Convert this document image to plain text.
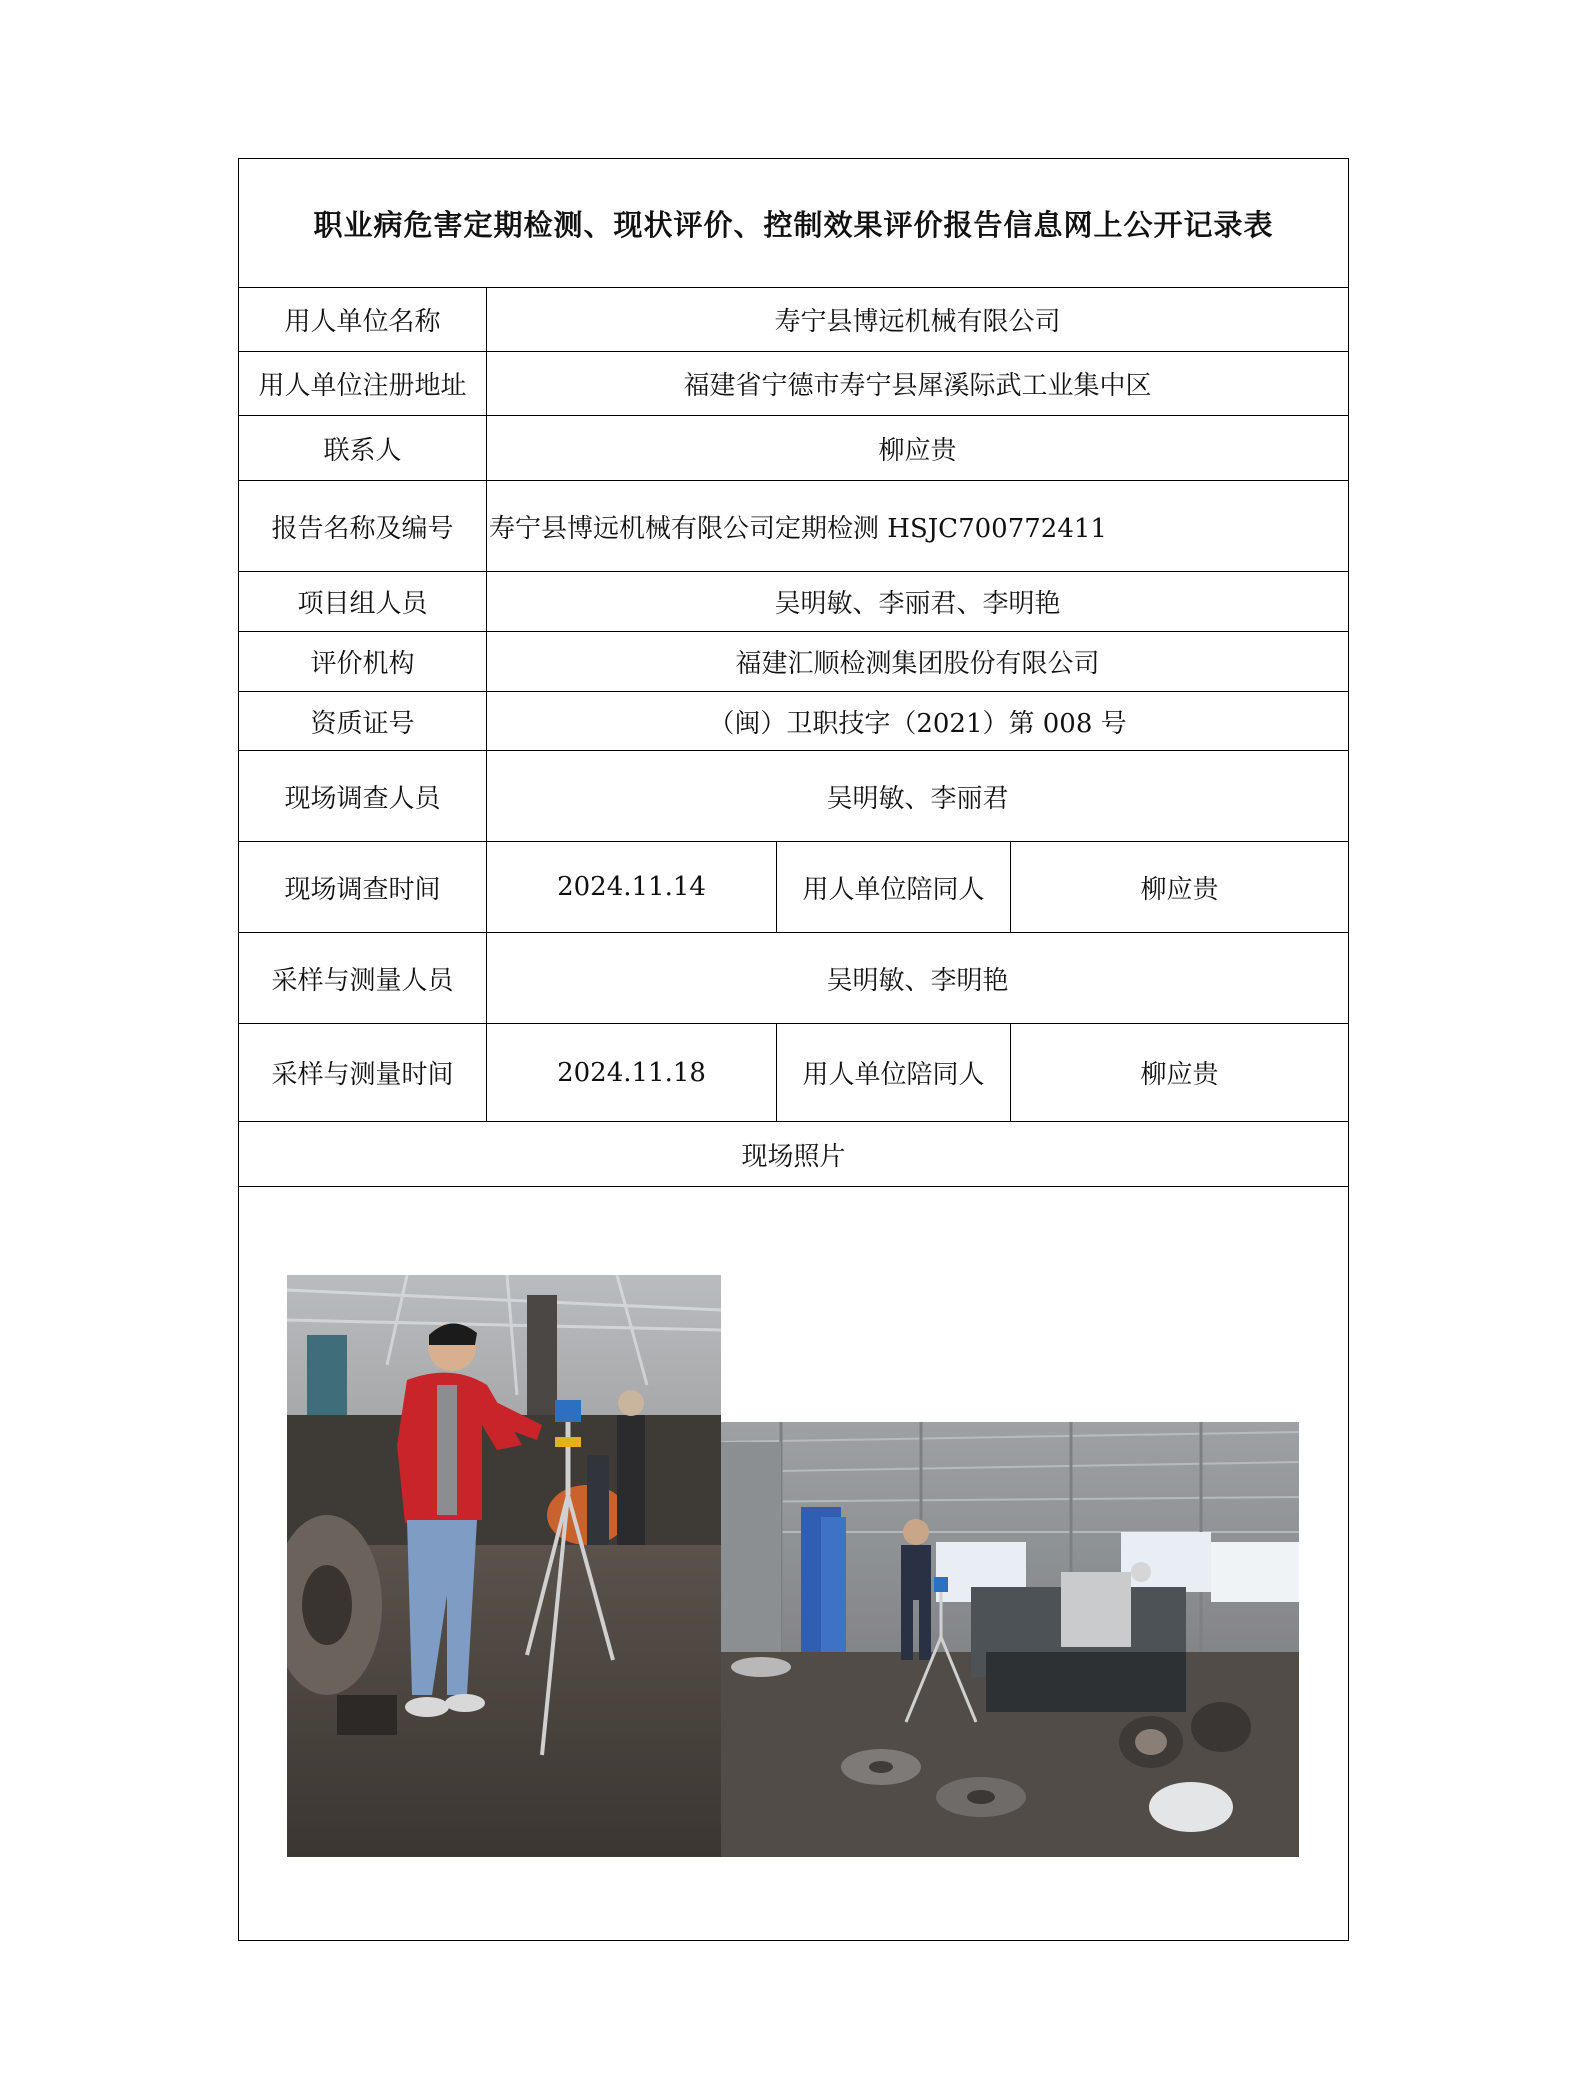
职业病危害定期检测、现状评价、控制效果评价报告信息网上公开记录表
用人单位名称	寿宁县博远机械有限公司
用人单位注册地址	福建省宁德市寿宁县犀溪际武工业集中区
联系人	柳应贵
报告名称及编号	寿宁县博远机械有限公司定期检测 HSJC700772411
项目组人员	吴明敏、李丽君、李明艳
评价机构	福建汇顺检测集团股份有限公司
资质证号	（闽）卫职技字（2021）第 008 号
现场调查人员	吴明敏、李丽君
现场调查时间	2024.11.14	用人单位陪同人	柳应贵
采样与测量人员	吴明敏、李明艳
采样与测量时间	2024.11.18	用人单位陪同人	柳应贵
现场照片
